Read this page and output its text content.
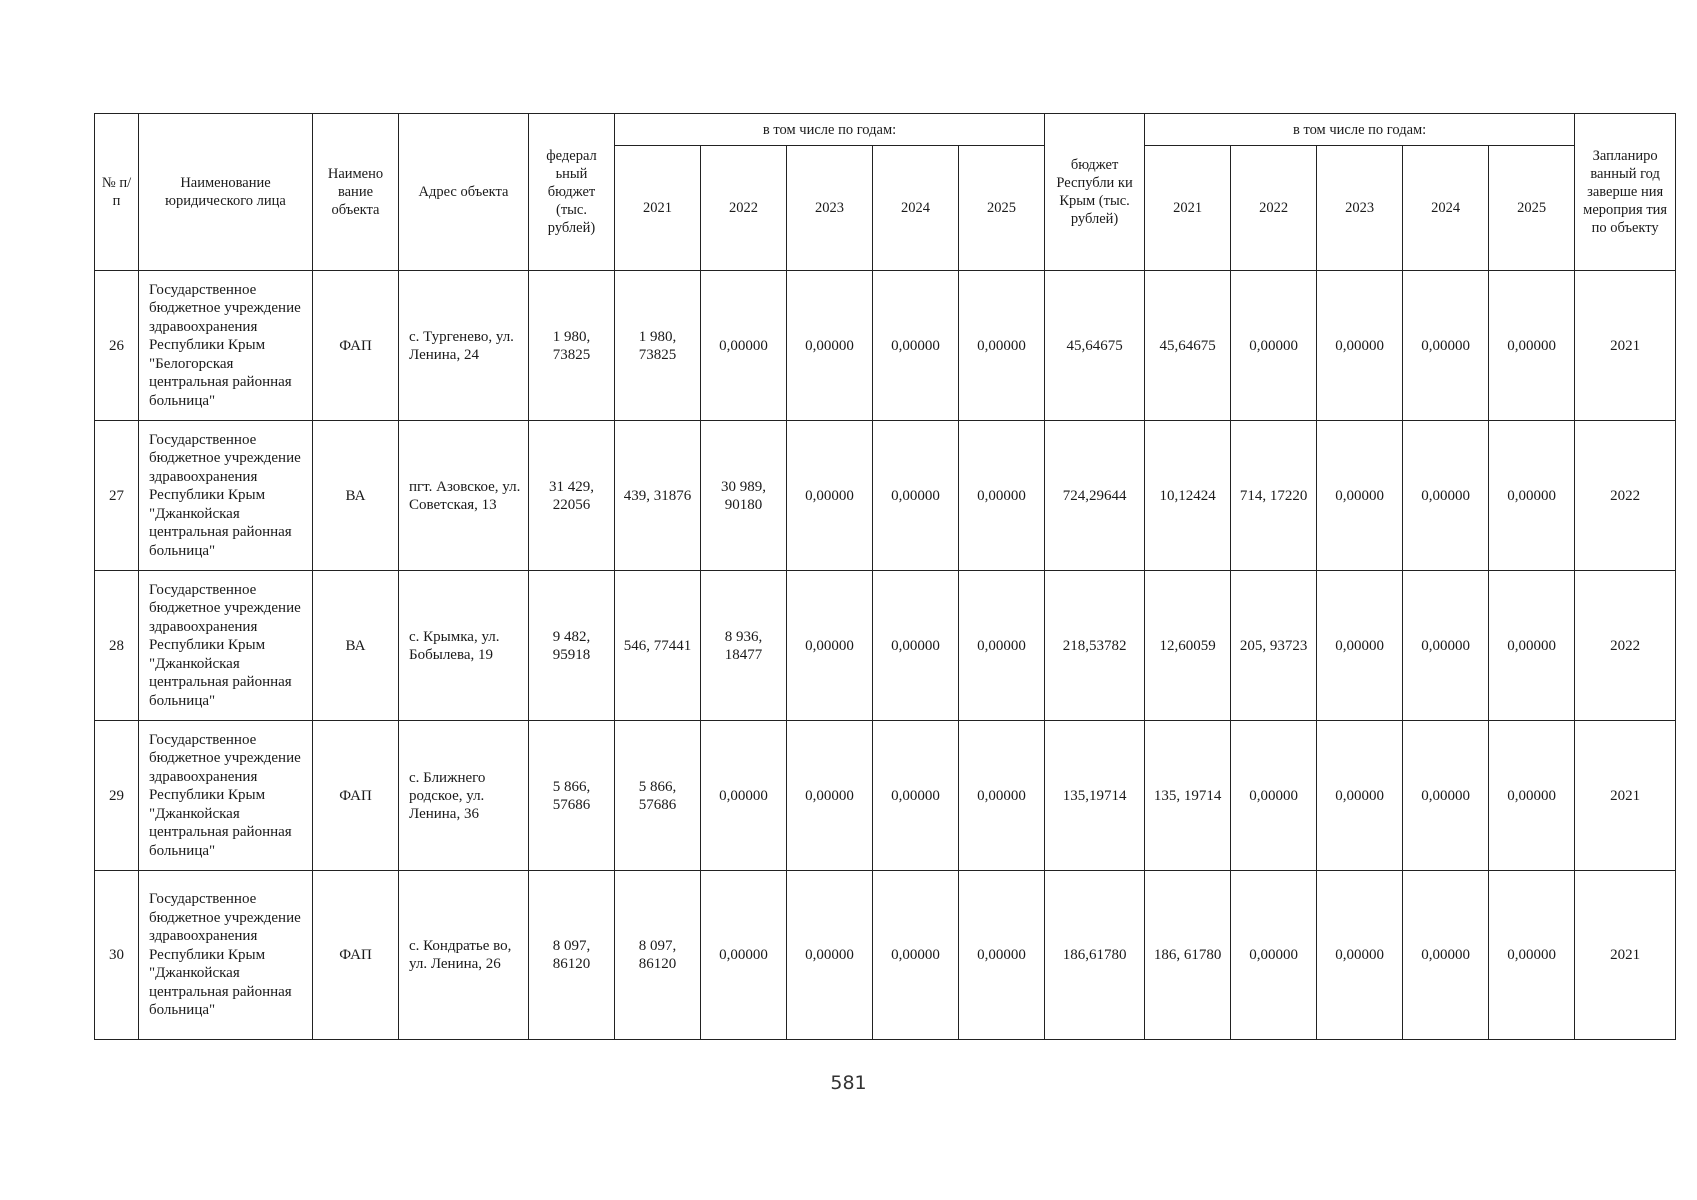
№ п/п	Наименование юридического лица	Наимено вание объекта	Адрес объекта	федерал ьный бюджет (тыс. рублей)	в том числе по годам:					бюджет Республи ки Крым (тыс. рублей)	в том числе по годам:					Запланиро ванный год заверше ния мероприя тия по объекту
					2021	2022	2023	2024	2025		2021	2022	2023	2024	2025	
26	Государственное бюджетное учреждение здравоохранения Республики Крым "Белогорская центральная районная больница"	ФАП	с. Тургенево, ул. Ленина, 24	1 980, 73825	1 980, 73825	0,00000	0,00000	0,00000	0,00000	45,64675	45,64675	0,00000	0,00000	0,00000	0,00000	2021
27	Государственное бюджетное учреждение здравоохранения Республики Крым "Джанкойская центральная районная больница"	ВА	пгт. Азовское, ул. Советская, 13	31 429, 22056	439, 31876	30 989, 90180	0,00000	0,00000	0,00000	724,29644	10,12424	714, 17220	0,00000	0,00000	0,00000	2022
28	Государственное бюджетное учреждение здравоохранения Республики Крым "Джанкойская центральная районная больница"	ВА	с. Крымка, ул. Бобылева, 19	9 482, 95918	546, 77441	8 936, 18477	0,00000	0,00000	0,00000	218,53782	12,60059	205, 93723	0,00000	0,00000	0,00000	2022
29	Государственное бюджетное учреждение здравоохранения Республики Крым "Джанкойская центральная районная больница"	ФАП	с. Ближнего родское, ул. Ленина, 36	5 866, 57686	5 866, 57686	0,00000	0,00000	0,00000	0,00000	135,19714	135, 19714	0,00000	0,00000	0,00000	0,00000	2021
30	Государственное бюджетное учреждение здравоохранения Республики Крым "Джанкойская центральная районная больница"	ФАП	с. Кондратье во, ул. Ленина, 26	8 097, 86120	8 097, 86120	0,00000	0,00000	0,00000	0,00000	186,61780	186, 61780	0,00000	0,00000	0,00000	0,00000	2021
581
